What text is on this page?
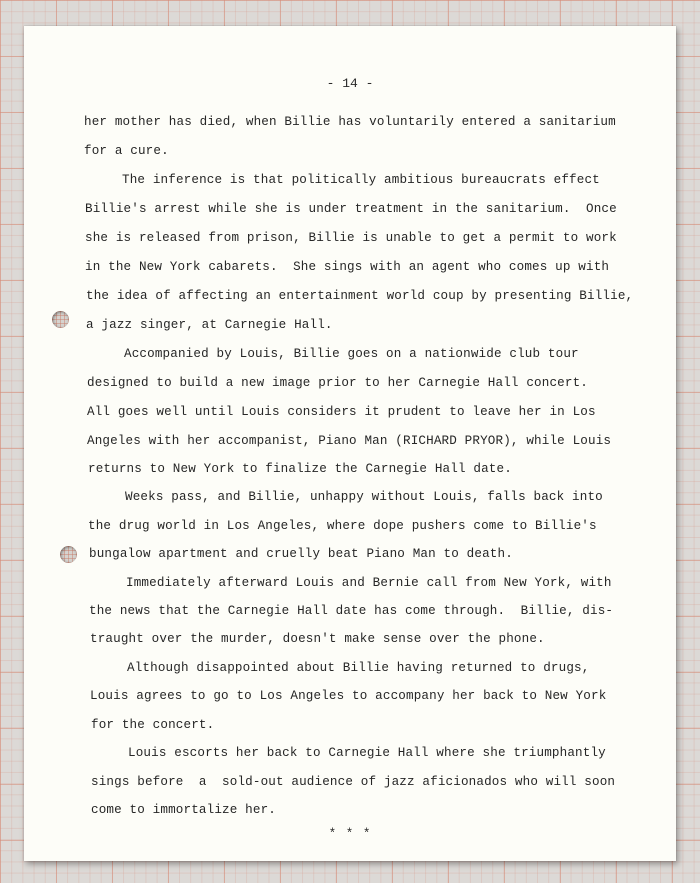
- 14 -
her mother has died, when Billie has voluntarily entered a sanitarium
for a cure.
The inference is that politically ambitious bureaucrats effect
Billie's arrest while she is under treatment in the sanitarium.  Once
she is released from prison, Billie is unable to get a permit to work
in the New York cabarets.  She sings with an agent who comes up with
the idea of affecting an entertainment world coup by presenting Billie,
a jazz singer, at Carnegie Hall.
Accompanied by Louis, Billie goes on a nationwide club tour
designed to build a new image prior to her Carnegie Hall concert.
All goes well until Louis considers it prudent to leave her in Los
Angeles with her accompanist, Piano Man (RICHARD PRYOR), while Louis
returns to New York to finalize the Carnegie Hall date.
Weeks pass, and Billie, unhappy without Louis, falls back into
the drug world in Los Angeles, where dope pushers come to Billie's
bungalow apartment and cruelly beat Piano Man to death.
Immediately afterward Louis and Bernie call from New York, with
the news that the Carnegie Hall date has come through.  Billie, dis-
traught over the murder, doesn't make sense over the phone.
Although disappointed about Billie having returned to drugs,
Louis agrees to go to Los Angeles to accompany her back to New York
for the concert.
Louis escorts her back to Carnegie Hall where she triumphantly
sings before  a  sold-out audience of jazz aficionados who will soon
come to immortalize her.
* * *
